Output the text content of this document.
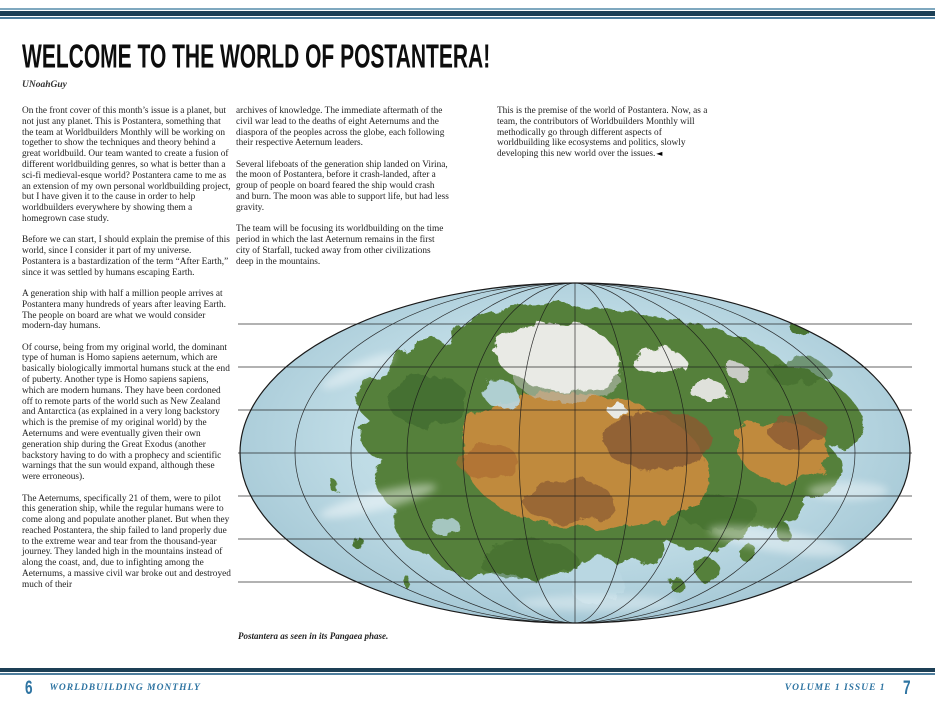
WELCOME TO THE WORLD OF POSTANTERA!
UNoahGuy

On the front cover of this month’s issue is a planet, but not just any planet. This is Postantera, something that the team at Worldbuilders Monthly will be working on together to show the techniques and theory behind a great worldbuild. Our team wanted to create a fusion of different worldbuilding genres, so what is better than a sci-fi medieval-esque world? Postantera came to me as an extension of my own personal worldbuilding project, but I have given it to the cause in order to help worldbuilders everywhere by showing them a homegrown case study.

Before we can start, I should explain the premise of this world, since I consider it part of my universe. Postantera is a bastardization of the term “After Earth,” since it was settled by humans escaping Earth.

A generation ship with half a million people arrives at Postantera many hundreds of years after leaving Earth. The people on board are what we would consider modern-day humans.

Of course, being from my original world, the dominant type of human is Homo sapiens aeternum, which are basically biologically immortal humans stuck at the end of puberty. Another type is Homo sapiens sapiens, which are modern humans. They have been cordoned off to remote parts of the world such as New Zealand and Antarctica (as explained in a very long backstory which is the premise of my original world) by the Aeternums and were eventually given their own generation ship during the Great Exodus (another backstory having to do with a prophecy and scientific warnings that the sun would expand, although these were erroneous).

The Aeternums, specifically 21 of them, were to pilot this generation ship, while the regular humans were to come along and populate another planet. But when they reached Postantera, the ship failed to land properly due to the extreme wear and tear from the thousand-year journey. They landed high in the mountains instead of along the coast, and, due to infighting among the Aeternums, a massive civil war broke out and destroyed much of their

archives of knowledge. The immediate aftermath of the civil war lead to the deaths of eight Aeternums and the diaspora of the peoples across the globe, each following their respective Aeternum leaders.

Several lifeboats of the generation ship landed on Virina, the moon of Postantera, before it crash-landed, after a group of people on board feared the ship would crash and burn. The moon was able to support life, but had less gravity.

The team will be focusing its worldbuilding on the time period in which the last Aeternum remains in the first city of Starfall, tucked away from other civilizations deep in the mountains.

This is the premise of the world of Postantera. Now, as a team, the contributors of Worldbuilders Monthly will methodically go through different aspects of worldbuilding like ecosystems and politics, slowly developing this new world over the issues.◄

Postantera as seen in its Pangaea phase.
6 WORLDBUILDING MONTHLY	VOLUME 1 ISSUE 1 7
